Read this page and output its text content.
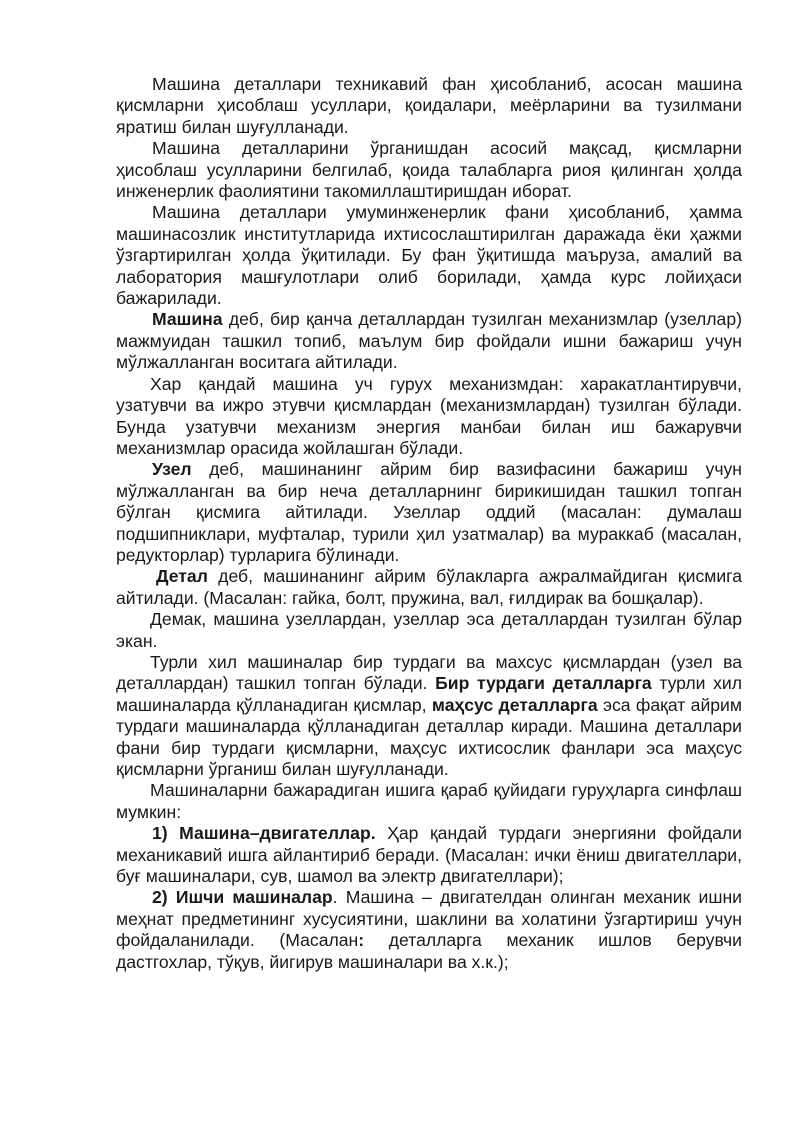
Машина деталлари техникавий фан ҳисобланиб, асосан машина қисмларни ҳисоблаш усуллари, қоидалари, меёрларини ва тузилмани яратиш билан шуғулланади.

Машина деталларини ўрганишдан асосий мақсад, қисмларни ҳисоблаш усулларини белгилаб, қоида талабларга риоя қилинган ҳолда инженерлик фаолиятини такомиллаштиришдан иборат.

Машина деталлари умуминженерлик фани ҳисобланиб, ҳамма машинасозлик институтларида ихтисослаштирилган даражада ёки ҳажми ўзгартирилган ҳолда ўқитилади. Бу фан ўқитишда маъруза, амалий ва лаборатория машғулотлари олиб борилади, ҳамда курс лойиҳаси бажарилади.

Машина деб, бир қанча деталлардан тузилган механизмлар (узеллар) мажмуидан ташкил топиб, маълум бир фойдали ишни бажариш учун мўлжалланган воситага айтилади.

Хар қандай машина уч гурух механизмдан: харакатлантирувчи, узатувчи ва ижро этувчи қисмлардан (механизмлардан) тузилган бўлади. Бунда узатувчи механизм энергия манбаи билан иш бажарувчи механизмлар орасида жойлашган бўлади.

Узел деб, машинанинг айрим бир вазифасини бажариш учун мўлжалланган ва бир неча деталларнинг бирикишидан ташкил топган бўлган қисмига айтилади. Узеллар оддий (масалан: думалаш подшипниклари, муфталар, турили ҳил узатмалар) ва мураккаб (масалан, редукторлар) турларига бўлинади.

Детал деб, машинанинг айрим бўлакларга ажралмайдиган қисмига айтилади. (Масалан: гайка, болт, пружина, вал, ғилдирак ва бошқалар).

Демак, машина узеллардан, узеллар эса деталлардан тузилган бўлар экан.

Турли хил машиналар бир турдаги ва махсус қисмлардан (узел ва деталлардан) ташкил топган бўлади. Бир турдаги деталларга турли хил машиналарда қўлланадиган қисмлар, маҳсус деталларга эса фақат айрим турдаги машиналарда қўлланадиган деталлар киради. Машина деталлари фани бир турдаги қисмларни, маҳсус ихтисослик фанлари эса маҳсус қисмларни ўрганиш билан шуғулланади.

Машиналарни бажарадиган ишига қараб қуйидаги гуруҳларга синфлаш мумкин:

1) Машина–двигателлар. Ҳар қандай турдаги энергияни фойдали механикавий ишга айлантириб беради. (Масалан: ички ёниш двигателлари, буғ машиналари, сув, шамол ва электр двигателлари);

2) Ишчи машиналар. Машина – двигателдан олинган механик ишни меҳнат предметининг хусусиятини, шаклини ва холатини ўзгартириш учун фойдаланилади. (Масалан: деталларга механик ишлов берувчи дастгохлар, тўқув, йигирув машиналари ва х.к.);
